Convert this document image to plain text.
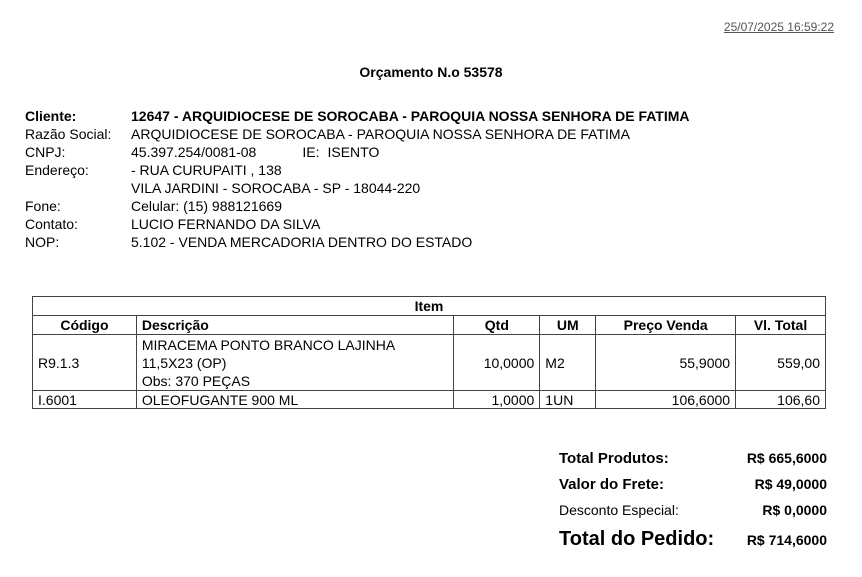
25/07/2025 16:59:22
Orçamento N.o 53578
Cliente:	12647 - ARQUIDIOCESE DE SOROCABA - PAROQUIA NOSSA SENHORA DE FATIMA
Razão Social:	ARQUIDIOCESE DE SOROCABA - PAROQUIA NOSSA SENHORA DE FATIMA
CNPJ:	45.397.254/0081-08	IE: ISENTO
Endereço:	- RUA CURUPAITI , 138
VILA JARDINI - SOROCABA - SP - 18044-220
Fone:	Celular: (15) 988121669
Contato:	LUCIO FERNANDO DA SILVA
NOP:	5.102 - VENDA MERCADORIA DENTRO DO ESTADO
Item					
Código	Descrição	Qtd	UM	Preço Venda	Vl. Total
R9.1.3	MIRACEMA PONTO BRANCO LAJINHA
11,5X23 (OP)
Obs: 370 PEÇAS	10,0000	M2	55,9000	559,00
I.6001	OLEOFUGANTE 900 ML	1,0000	1UN	106,6000	106,60
Total Produtos:	R$ 665,6000
Valor do Frete:	R$ 49,0000
Desconto Especial:	R$ 0,0000
Total do Pedido: R$ 714,6000
